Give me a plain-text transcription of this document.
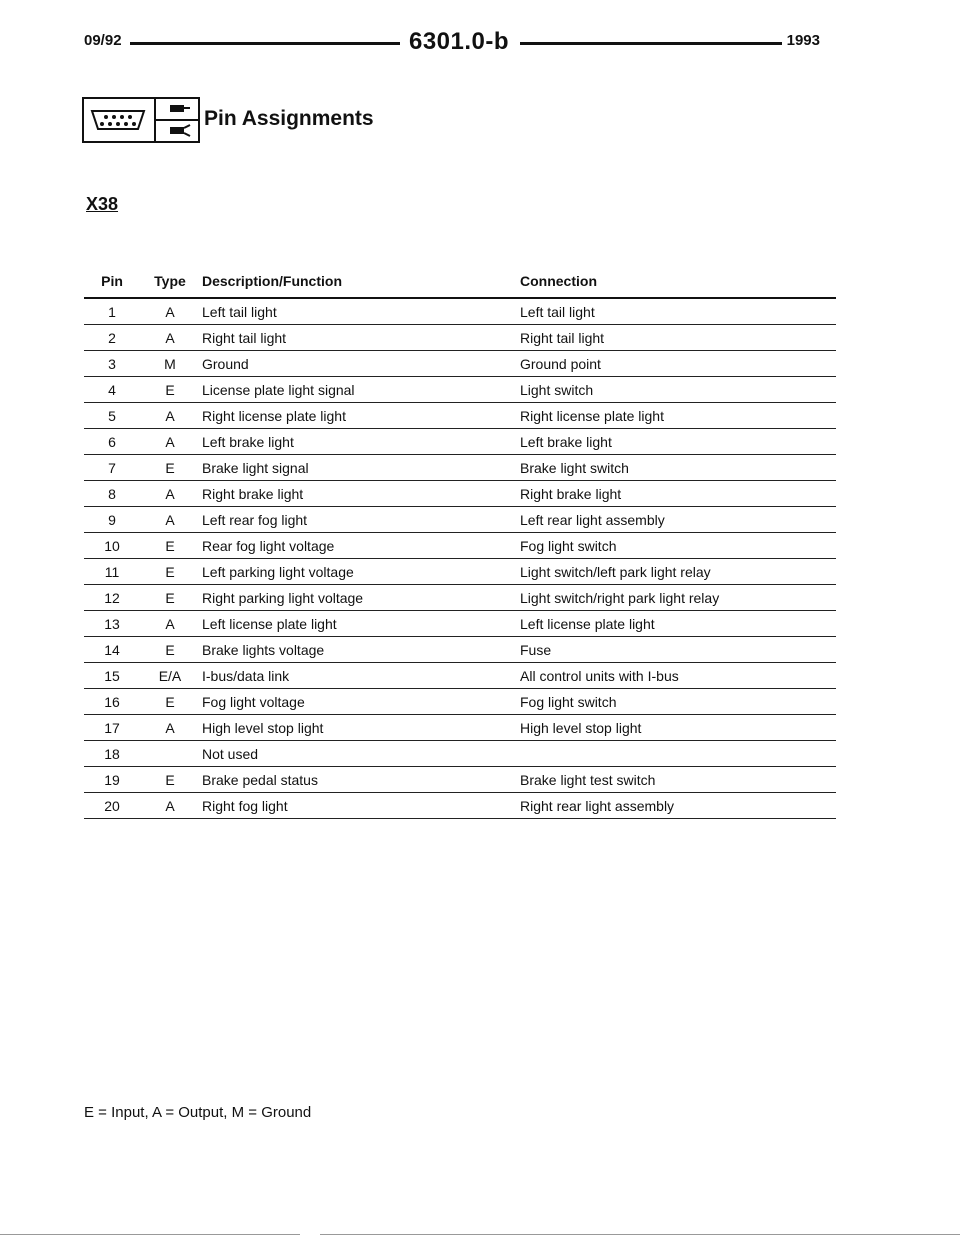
09/92	6301.0-b	1993
Pin Assignments
X38
Pin	Type	Description/Function	Connection
1	A	Left tail light	Left tail light
2	A	Right tail light	Right tail light
3	M	Ground	Ground point
4	E	License plate light signal	Light switch
5	A	Right license plate light	Right license plate light
6	A	Left brake light	Left brake light
7	E	Brake light signal	Brake light switch
8	A	Right brake light	Right brake light
9	A	Left rear fog light	Left rear light assembly
10	E	Rear fog light voltage	Fog light switch
11	E	Left parking light voltage	Light switch/left park light relay
12	E	Right parking light voltage	Light switch/right park light relay
13	A	Left license plate light	Left license plate light
14	E	Brake lights voltage	Fuse
15	E/A	I-bus/data link	All control units with I-bus
16	E	Fog light voltage	Fog light switch
17	A	High level stop light	High level stop light
18		Not used	
19	E	Brake pedal status	Brake light test switch
20	A	Right fog light	Right rear light assembly
E = Input, A = Output, M = Ground
